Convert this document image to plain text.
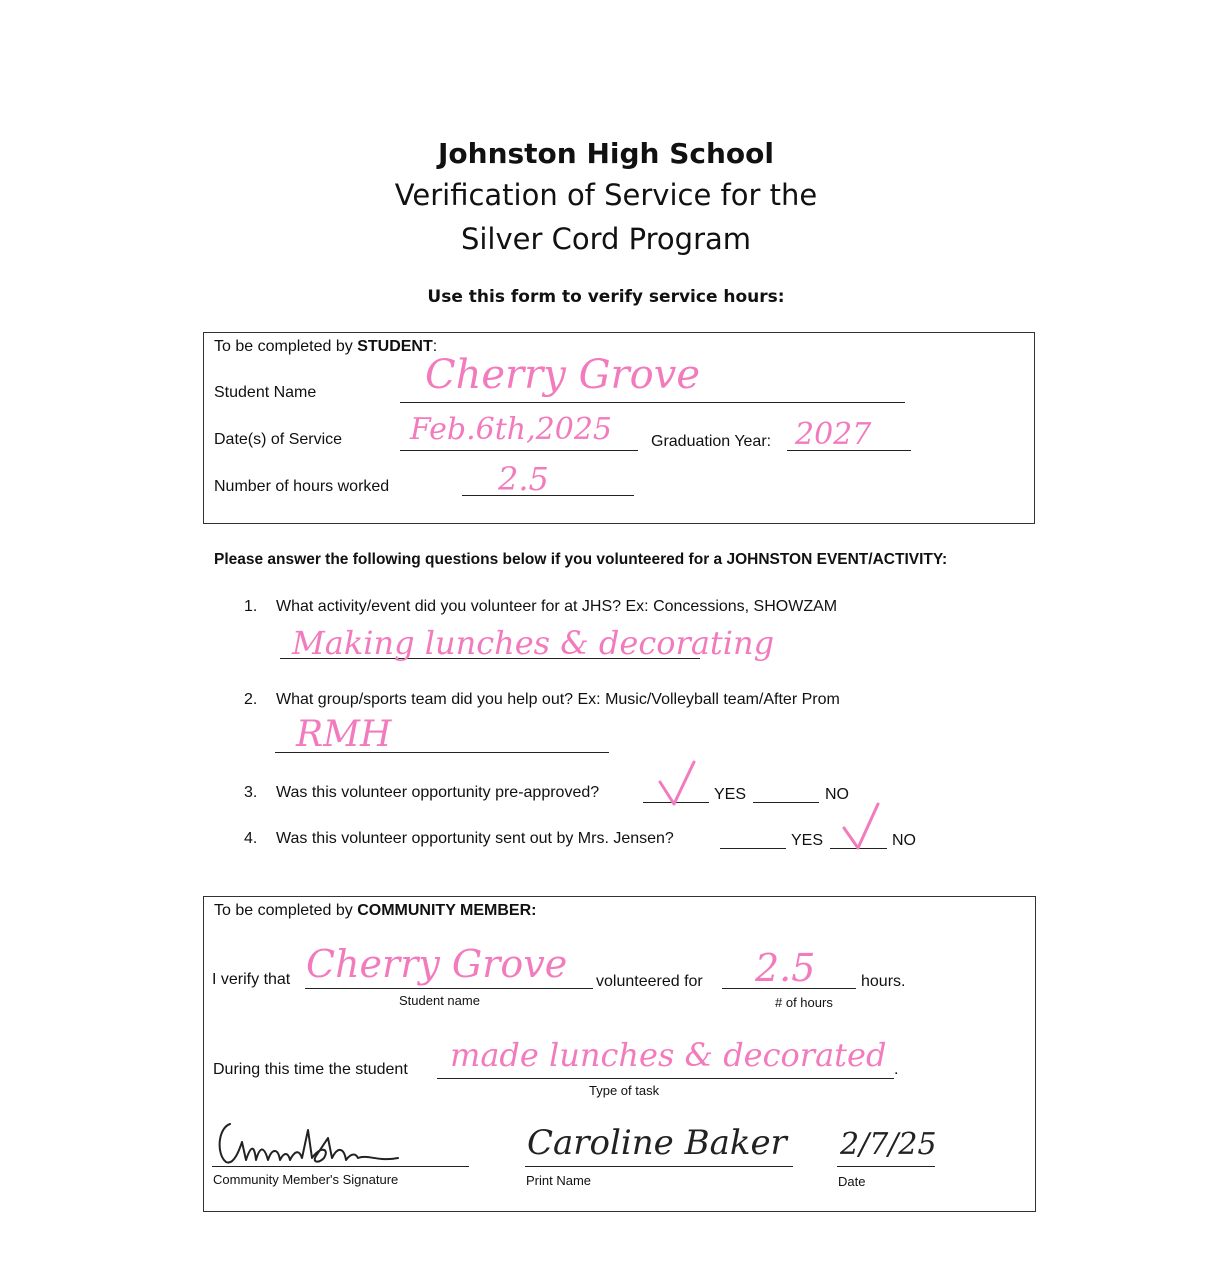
Johnston High School
Verification of Service for the
Silver Cord Program
Use this form to verify service hours:
To be completed by STUDENT:
Student Name	Cherry Grove
Date(s) of Service Feb.6th,2025 Graduation Year: 2027
Number of hours worked	2.5
Please answer the following questions below if you volunteered for a JOHNSTON EVENT/ACTIVITY:
1. What activity/event did you volunteer for at JHS? Ex: Concessions, SHOWZAM
Making lunches & decorating
2. What group/sports team did you help out? Ex: Music/Volleyball team/After Prom
RMH
3. Was this volunteer opportunity pre-approved?	YES	NO
4. Was this volunteer opportunity sent out by Mrs. Jensen?	YES	NO
To be completed by COMMUNITY MEMBER:
I verify that Cherry Grove
Student name
volunteered for 2.5
# of hours
hours.
During this time the student made lunches & decorated .
Type of task
Community Member's Signature
Caroline Baker
Print Name
2/7/25
Date
